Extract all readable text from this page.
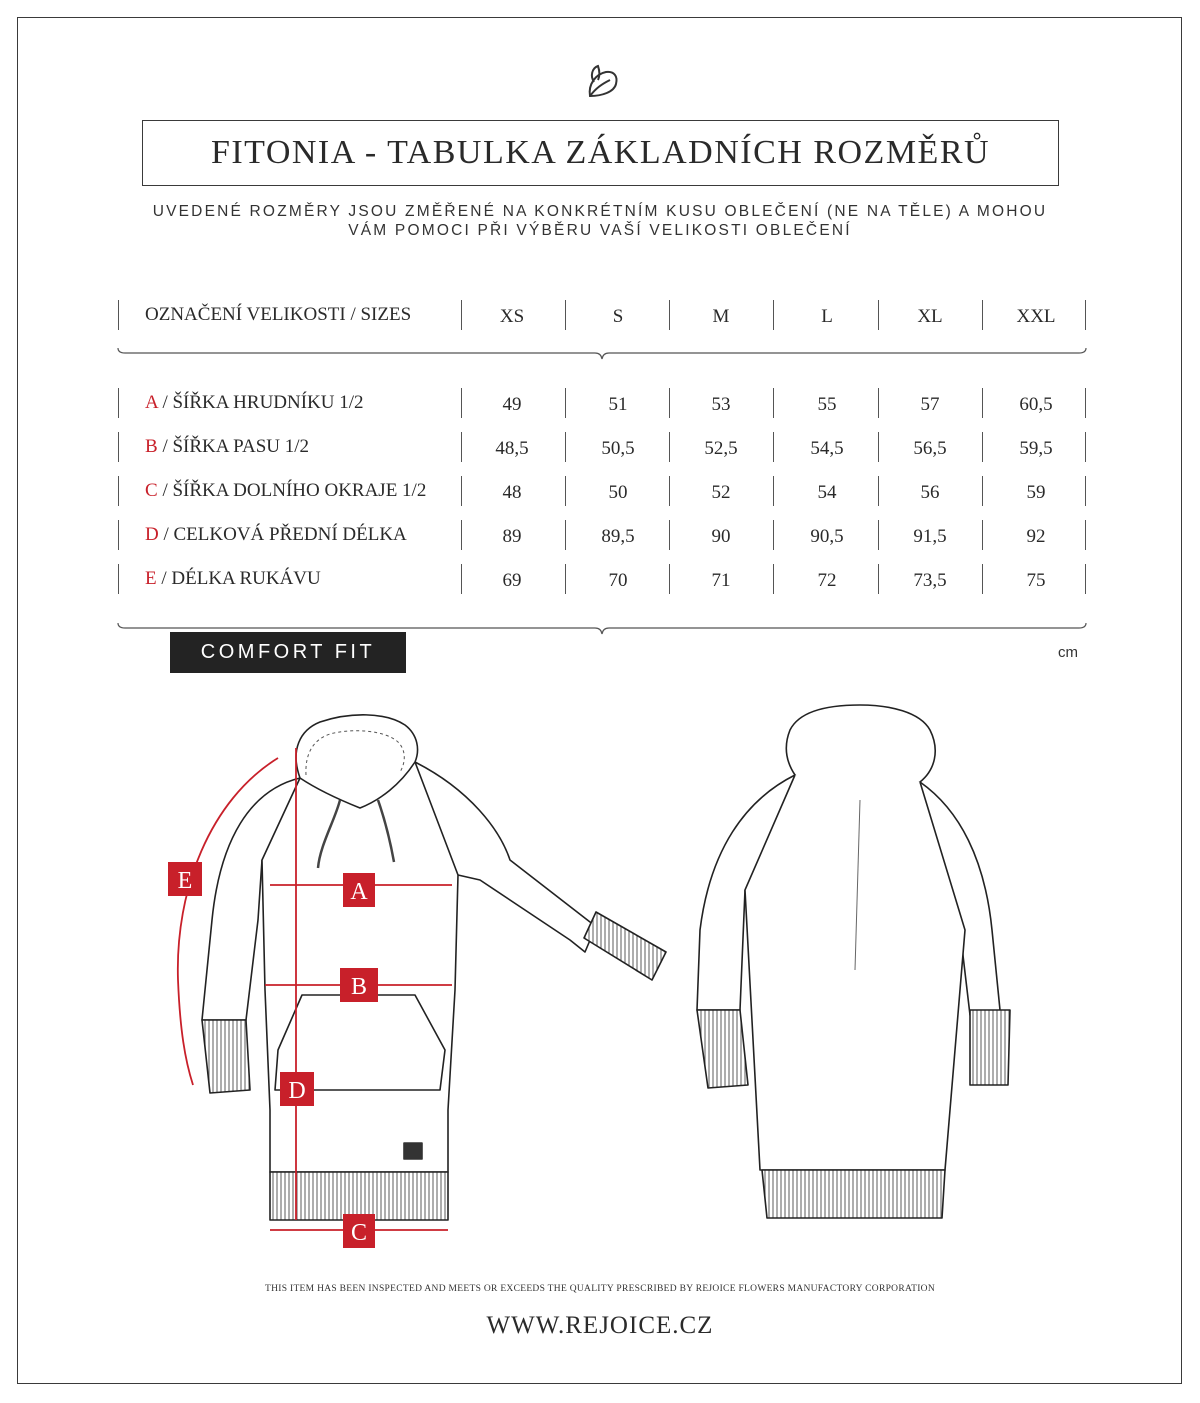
FITONIA - TABULKA ZÁKLADNÍCH ROZMĚRŮ
UVEDENÉ ROZMĚRY JSOU ZMĚŘENÉ NA KONKRÉTNÍM KUSU OBLEČENÍ (NE NA TĚLE) A MOHOU
VÁM POMOCI PŘI VÝBĚRU VAŠÍ VELIKOSTI OBLEČENÍ
OZNAČENÍ VELIKOSTI / SIZES	XS	S	M	L	XL	XXL
A / ŠÍŘKA HRUDNÍKU 1/2	49	51	53	55	57	60,5
B / ŠÍŘKA PASU 1/2	48,5	50,5	52,5	54,5	56,5	59,5
C / ŠÍŘKA DOLNÍHO OKRAJE 1/2	48	50	52	54	56	59
D / CELKOVÁ PŘEDNÍ DÉLKA	89	89,5	90	90,5	91,5	92
E / DÉLKA RUKÁVU	69	70	71	72	73,5	75
COMFORT FIT	cm
A
B
C
D
E
THIS ITEM HAS BEEN INSPECTED AND MEETS OR EXCEEDS THE QUALITY PRESCRIBED BY REJOICE FLOWERS MANUFACTORY CORPORATION
WWW.REJOICE.CZ
